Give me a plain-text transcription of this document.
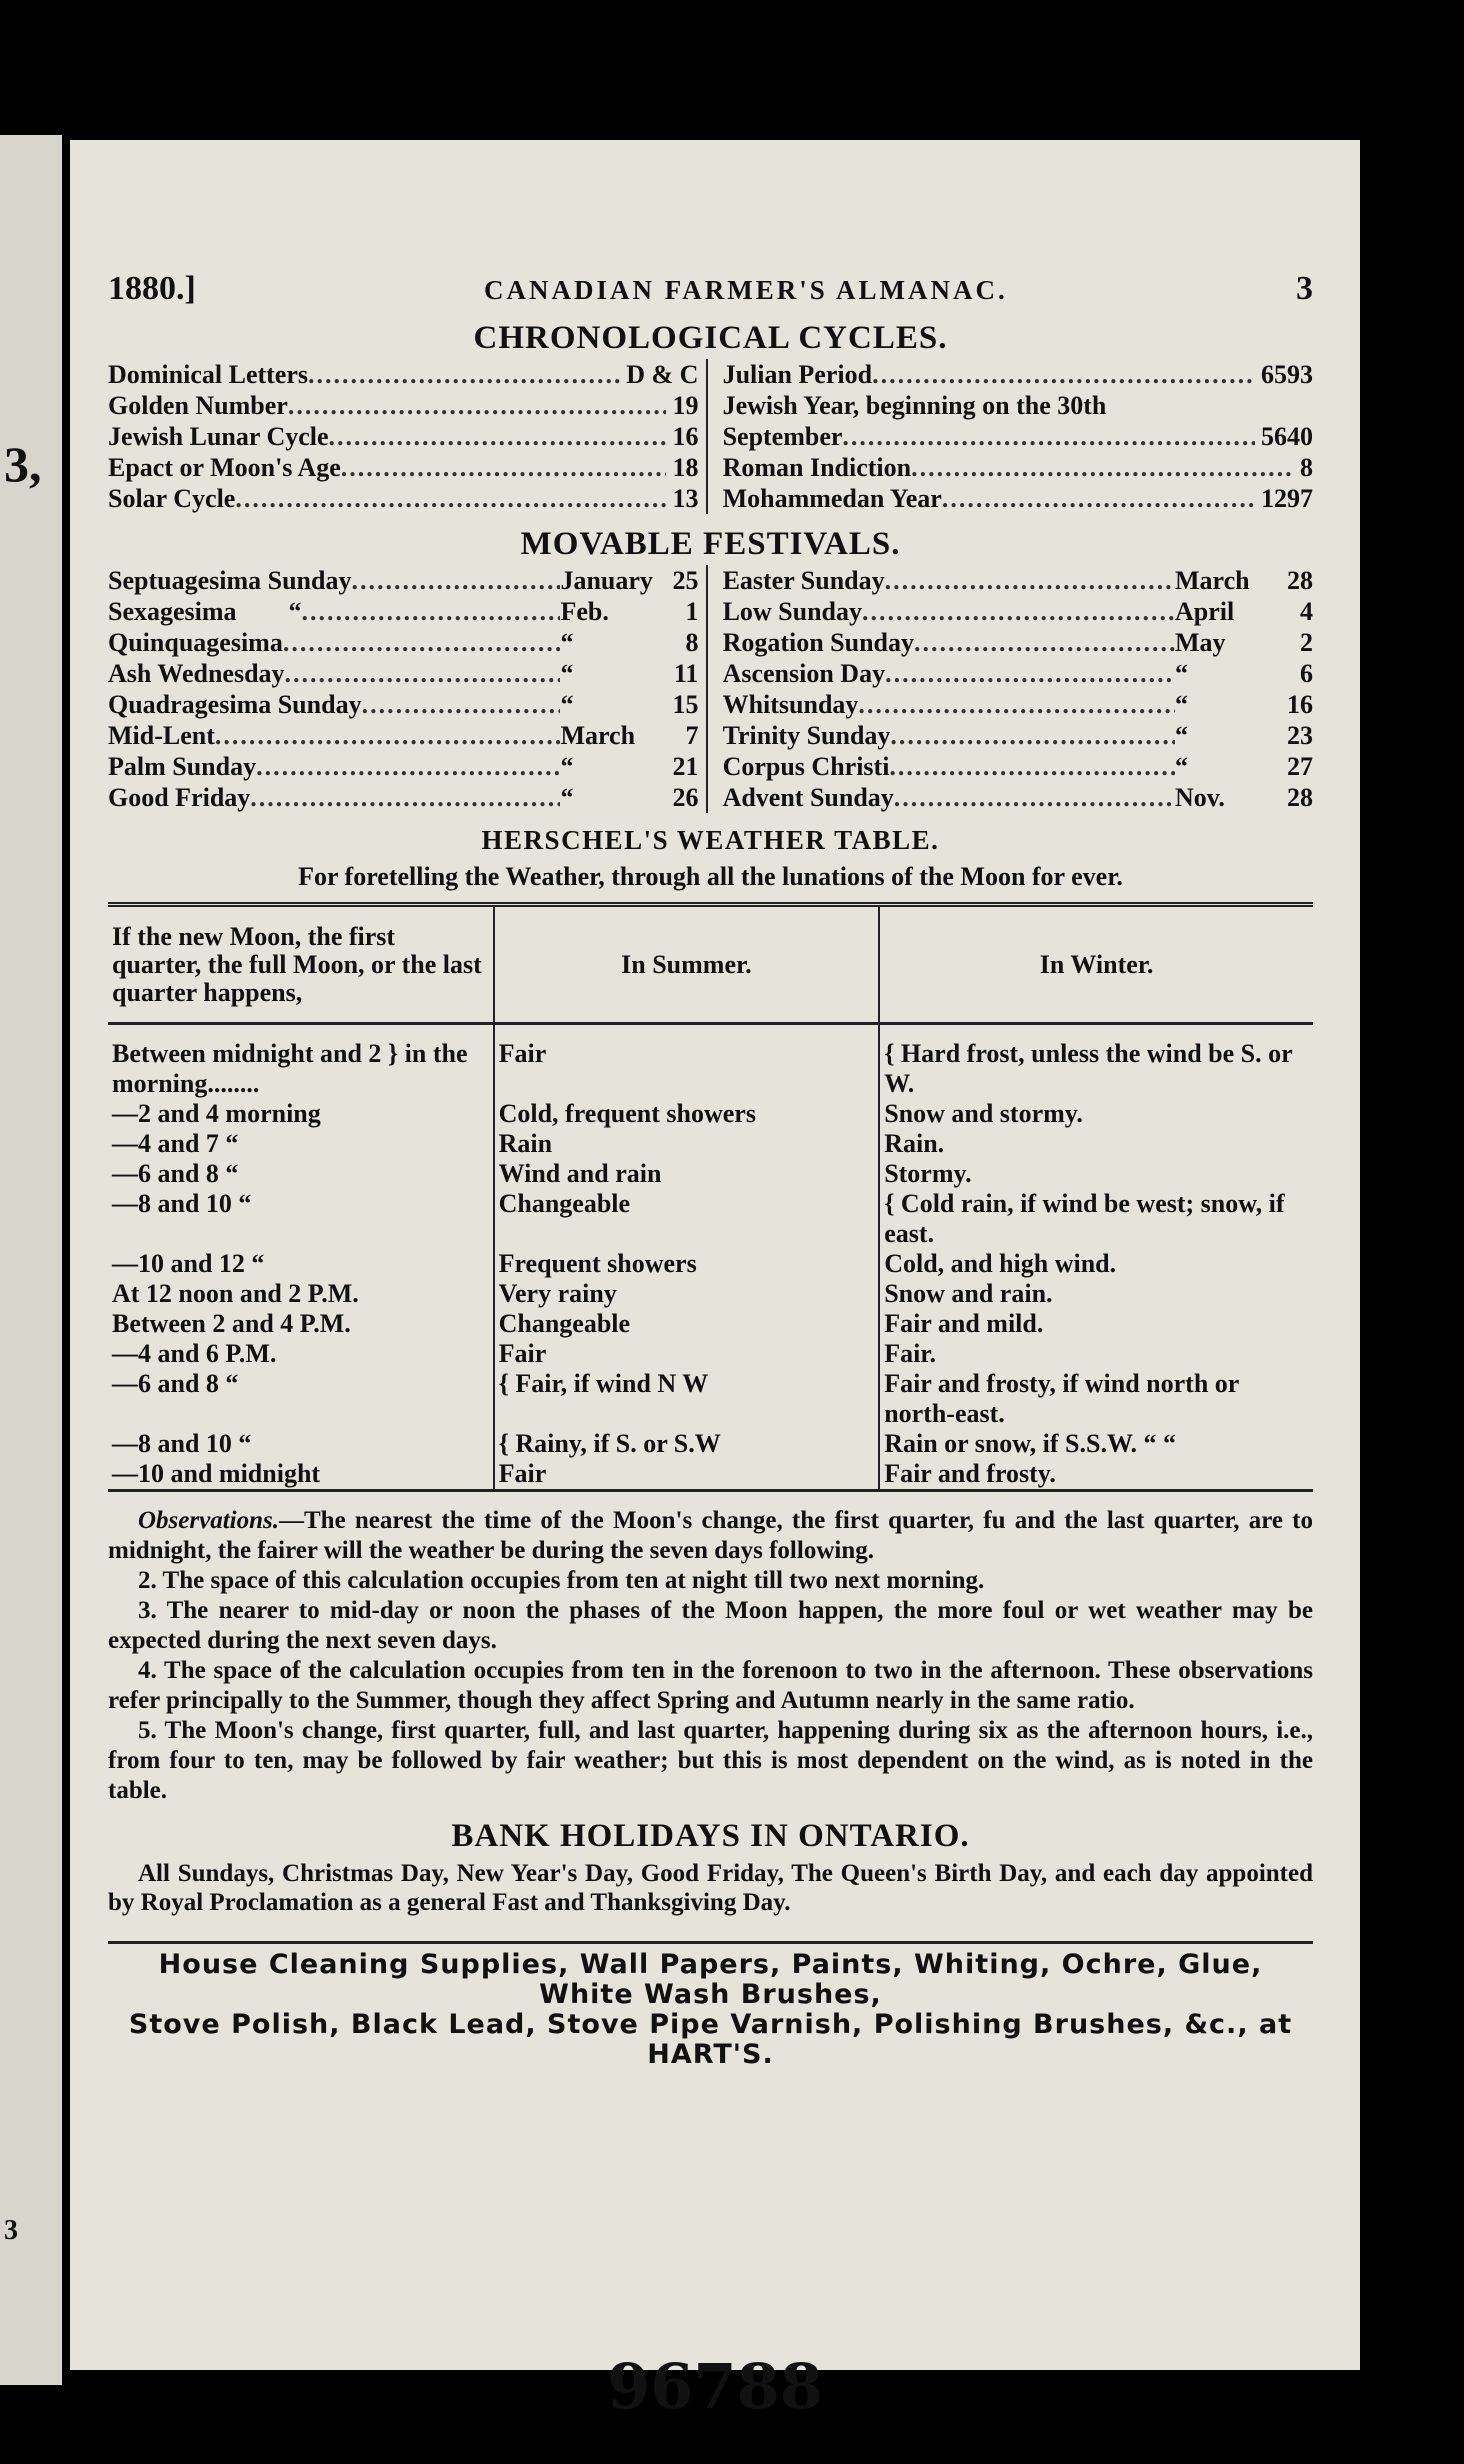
3,
3
1880.]	CANADIAN FARMER'S ALMANAC.	3
CHRONOLOGICAL CYCLES.
Dominical Letters .....	D & C
Golden Number .....	19
Jewish Lunar Cycle .....	16
Epact or Moon's Age .....	18
Solar Cycle .....	13
Julian Period .....	6593
Jewish Year, beginning on the 30th
September .....	5640
Roman Indiction .....	8
Mohammedan Year .....	1297
MOVABLE FESTIVALS.
Septuagesima Sunday .....	January 25
Sexagesima        “ .....	Feb.	1
Quinquagesima .....	“	8
Ash Wednesday .....	“	11
Quadragesima Sunday .....	“	15
Mid-Lent .....	March	7
Palm Sunday .....	“	21
Good Friday .....	“	26
Easter Sunday .....	March	28
Low Sunday .....	April	4
Rogation Sunday .....	May	2
Ascension Day .....	“	6
Whitsunday .....	“	16
Trinity Sunday .....	“	23
Corpus Christi .....	“	27
Advent Sunday .....	Nov.	28
HERSCHEL'S WEATHER TABLE.
For foretelling the Weather, through all the lunations of the Moon for ever.
If the new Moon, the first quarter, the full Moon, or the last quarter happens,	In Summer.	In Winter.
Between midnight and 2 } in the morning........	Fair	{ Hard frost, unless the wind be S. or W.
—2 and 4 morning	Cold, frequent showers	Snow and stormy.
—4 and 7 “	Rain	Rain.
—6 and 8 “	Wind and rain	Stormy.
—8 and 10 “	Changeable	{ Cold rain, if wind be west; snow, if east.
—10 and 12 “	Frequent showers	Cold, and high wind.
At 12 noon and 2 P.M.	Very rainy	Snow and rain.
Between 2 and 4 P.M.	Changeable	Fair and mild.
—4 and 6 P.M.	Fair	Fair.
—6 and 8 “	{ Fair, if wind N W	Fair and frosty, if wind north or north-east.
—8 and 10 “	{ Rainy, if S. or S.W	Rain or snow, if S.S.W. “ “
—10 and midnight	Fair	Fair and frosty.

Observations.—The nearest the time of the Moon's change, the first quarter, fu and the last quarter, are to midnight, the fairer will the weather be during the seven days following.

2. The space of this calculation occupies from ten at night till two next morning.

3. The nearer to mid-day or noon the phases of the Moon happen, the more foul or wet weather may be expected during the next seven days.

4. The space of the calculation occupies from ten in the forenoon to two in the afternoon. These observations refer principally to the Summer, though they affect Spring and Autumn nearly in the same ratio.

5. The Moon's change, first quarter, full, and last quarter, happening during six as the afternoon hours, i.e., from four to ten, may be followed by fair weather; but this is most dependent on the wind, as is noted in the table.

BANK HOLIDAYS IN ONTARIO.

All Sundays, Christmas Day, New Year's Day, Good Friday, The Queen's Birth Day, and each day appointed by Royal Proclamation as a general Fast and Thanksgiving Day.

House Cleaning Supplies, Wall Papers, Paints, Whiting, Ochre, Glue, White Wash Brushes,
Stove Polish, Black Lead, Stove Pipe Varnish, Polishing Brushes, &c., at HART'S.
96788
